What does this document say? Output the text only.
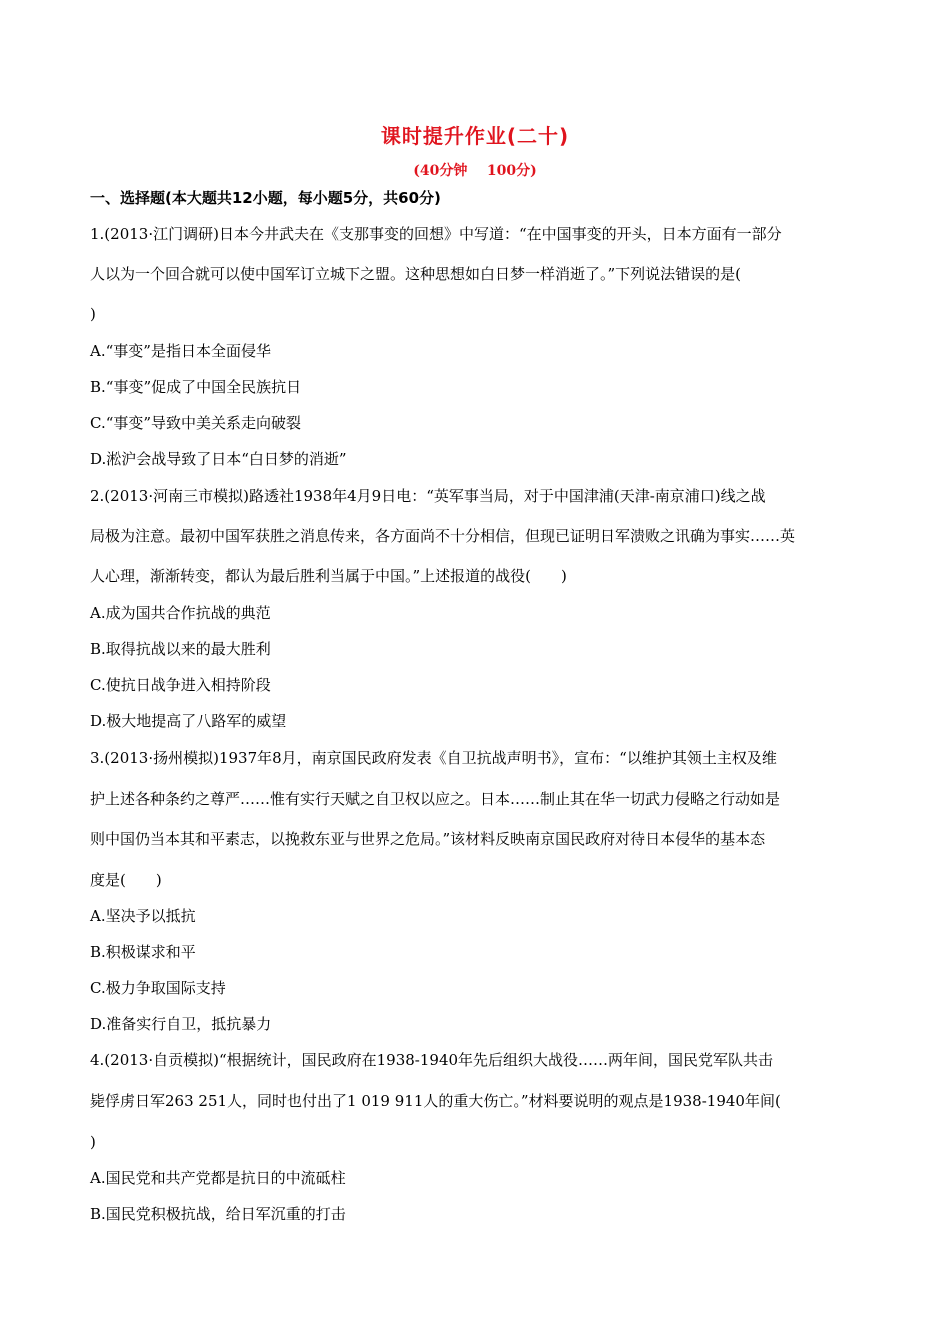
课时提升作业(二十)
(40分钟    100分)
一、选择题(本大题共12小题，每小题5分，共60分)
1.(2013·江门调研)日本今井武夫在《支那事变的回想》中写道：“在中国事变的开头，日本方面有一部分
人以为一个回合就可以使中国军订立城下之盟。这种思想如白日梦一样消逝了。”下列说法错误的是(
)
A.“事变”是指日本全面侵华
B.“事变”促成了中国全民族抗日
C.“事变”导致中美关系走向破裂
D.淞沪会战导致了日本“白日梦的消逝”
2.(2013·河南三市模拟)路透社1938年4月9日电：“英军事当局，对于中国津浦(天津-南京浦口)线之战
局极为注意。最初中国军获胜之消息传来，各方面尚不十分相信，但现已证明日军溃败之讯确为事实……英
人心理，渐渐转变，都认为最后胜利当属于中国。”上述报道的战役(　　)
A.成为国共合作抗战的典范
B.取得抗战以来的最大胜利
C.使抗日战争进入相持阶段
D.极大地提高了八路军的威望
3.(2013·扬州模拟)1937年8月，南京国民政府发表《自卫抗战声明书》，宣布：“以维护其领土主权及维
护上述各种条约之尊严……惟有实行天赋之自卫权以应之。日本……制止其在华一切武力侵略之行动如是
则中国仍当本其和平素志，以挽救东亚与世界之危局。”该材料反映南京国民政府对待日本侵华的基本态
度是(　　)
A.坚决予以抵抗
B.积极谋求和平
C.极力争取国际支持
D.准备实行自卫，抵抗暴力
4.(2013·自贡模拟)“根据统计，国民政府在1938-1940年先后组织大战役……两年间，国民党军队共击
毙俘虏日军263 251人，同时也付出了1 019 911人的重大伤亡。”材料要说明的观点是1938-1940年间(
)
A.国民党和共产党都是抗日的中流砥柱
B.国民党积极抗战，给日军沉重的打击
